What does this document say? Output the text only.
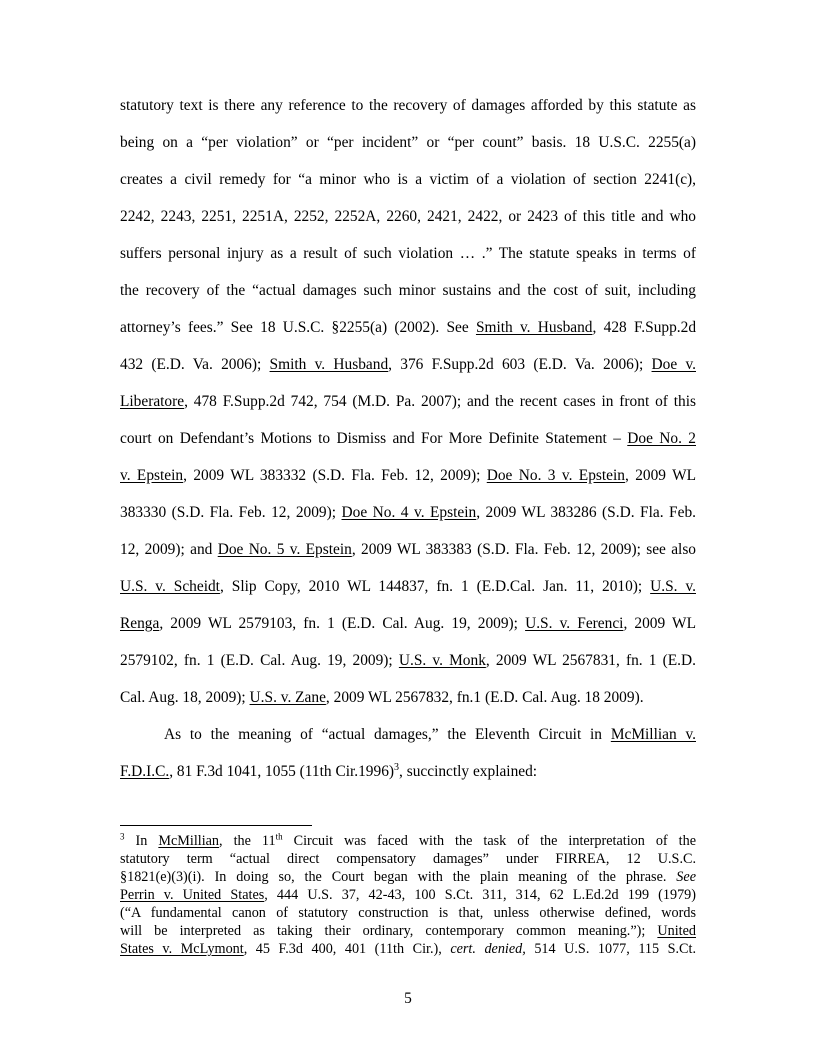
statutory text is there any reference to the recovery of damages afforded by this statute as
being on a “per violation” or “per incident” or “per count” basis. 18 U.S.C. 2255(a)
creates a civil remedy for “a minor who is a victim of a violation of section 2241(c),
2242, 2243, 2251, 2251A, 2252, 2252A, 2260, 2421, 2422, or 2423 of this title and who
suffers personal injury as a result of such violation … .” The statute speaks in terms of
the recovery of the “actual damages such minor sustains and the cost of suit, including
attorney’s fees.” See 18 U.S.C. §2255(a) (2002). See Smith v. Husband, 428 F.Supp.2d
432 (E.D. Va. 2006); Smith v. Husband, 376 F.Supp.2d 603 (E.D. Va. 2006); Doe v.
Liberatore, 478 F.Supp.2d 742, 754 (M.D. Pa. 2007); and the recent cases in front of this
court on Defendant’s Motions to Dismiss and For More Definite Statement – Doe No. 2
v. Epstein, 2009 WL 383332 (S.D. Fla. Feb. 12, 2009); Doe No. 3 v. Epstein, 2009 WL
383330 (S.D. Fla. Feb. 12, 2009); Doe No. 4 v. Epstein, 2009 WL 383286 (S.D. Fla. Feb.
12, 2009); and Doe No. 5 v. Epstein, 2009 WL 383383 (S.D. Fla. Feb. 12, 2009); see also
U.S. v. Scheidt, Slip Copy, 2010 WL 144837, fn. 1 (E.D.Cal. Jan. 11, 2010); U.S. v.
Renga, 2009 WL 2579103, fn. 1 (E.D. Cal. Aug. 19, 2009); U.S. v. Ferenci, 2009 WL
2579102, fn. 1 (E.D. Cal. Aug. 19, 2009); U.S. v. Monk, 2009 WL 2567831, fn. 1 (E.D.
Cal. Aug. 18, 2009); U.S. v. Zane, 2009 WL 2567832, fn.1 (E.D. Cal. Aug. 18 2009).
As to the meaning of “actual damages,” the Eleventh Circuit in McMillian v.
F.D.I.C., 81 F.3d 1041, 1055 (11th Cir.1996)$^3$, succinctly explained:
$^3$ In McMillian, the 11th Circuit was faced with the task of the interpretation of the
statutory term “actual direct compensatory damages” under FIRREA, 12 U.S.C.
§1821(e)(3)(i). In doing so, the Court began with the plain meaning of the phrase. See
Perrin v. United States, 444 U.S. 37, 42-43, 100 S.Ct. 311, 314, 62 L.Ed.2d 199 (1979)
(“A fundamental canon of statutory construction is that, unless otherwise defined, words
will be interpreted as taking their ordinary, contemporary common meaning.”); United
States v. McLymont, 45 F.3d 400, 401 (11th Cir.), cert. denied, 514 U.S. 1077, 115 S.Ct.
5
